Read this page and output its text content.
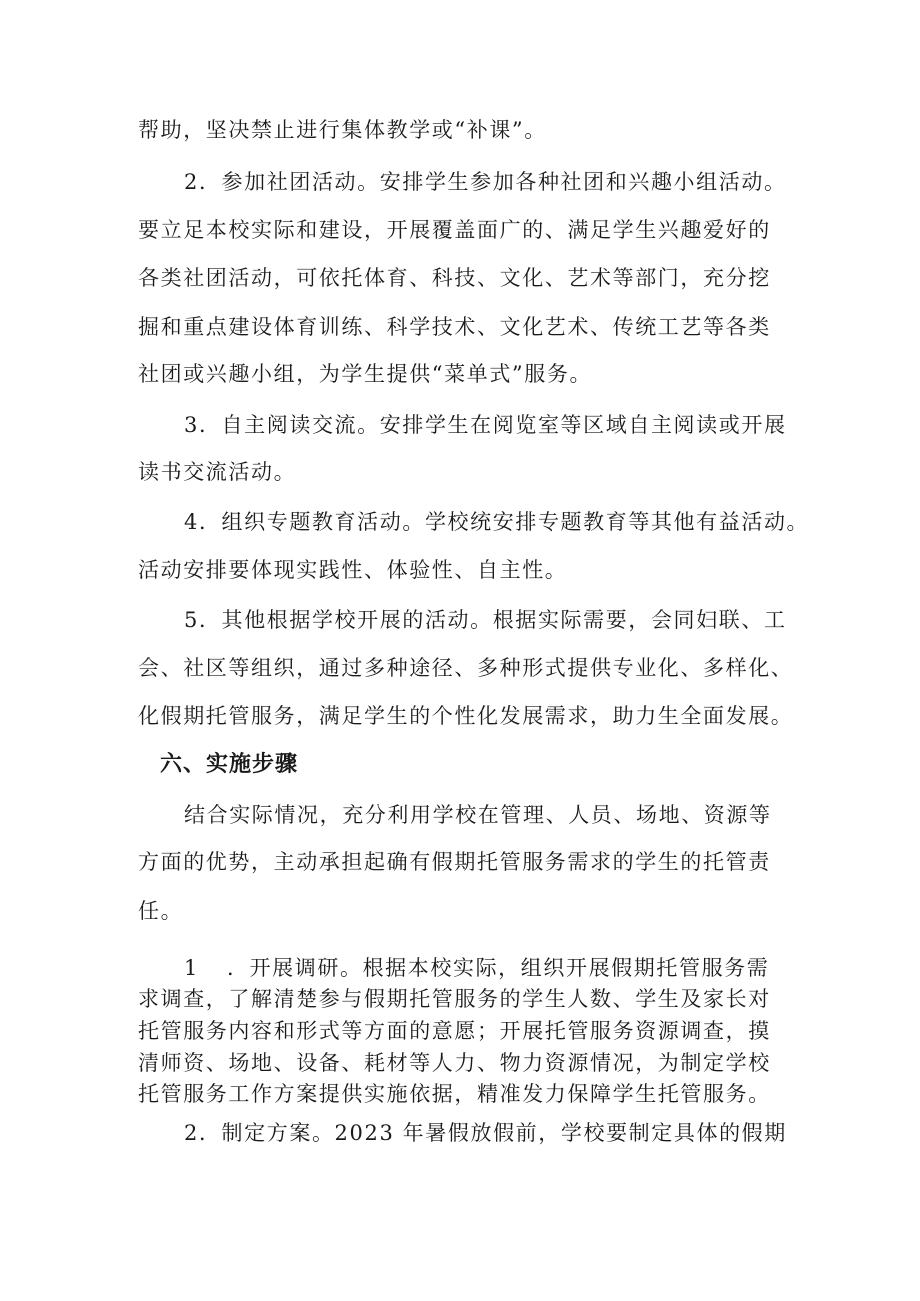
帮助，坚决禁止进行集体教学或“补课”。
2．参加社团活动。安排学生参加各种社团和兴趣小组活动。
要立足本校实际和建设，开展覆盖面广的、满足学生兴趣爱好的
各类社团活动，可依托体育、科技、文化、艺术等部门，充分挖
掘和重点建设体育训练、科学技术、文化艺术、传统工艺等各类
社团或兴趣小组，为学生提供“菜单式”服务。
3．自主阅读交流。安排学生在阅览室等区域自主阅读或开展
读书交流活动。
4．组织专题教育活动。学校统安排专题教育等其他有益活动。
活动安排要体现实践性、体验性、自主性。
5．其他根据学校开展的活动。根据实际需要，会同妇联、工
会、社区等组织，通过多种途径、多种形式提供专业化、多样化、
化假期托管服务，满足学生的个性化发展需求，助力生全面发展。
六、实施步骤
结合实际情况，充分利用学校在管理、人员、场地、资源等
方面的优势，主动承担起确有假期托管服务需求的学生的托管责
任。
1 ．开展调研。根据本校实际，组织开展假期托管服务需
求调查，了解清楚参与假期托管服务的学生人数、学生及家长对
托管服务内容和形式等方面的意愿；开展托管服务资源调查，摸
清师资、场地、设备、耗材等人力、物力资源情况，为制定学校
托管服务工作方案提供实施依据，精准发力保障学生托管服务。
2．制定方案。2023 年暑假放假前，学校要制定具体的假期
